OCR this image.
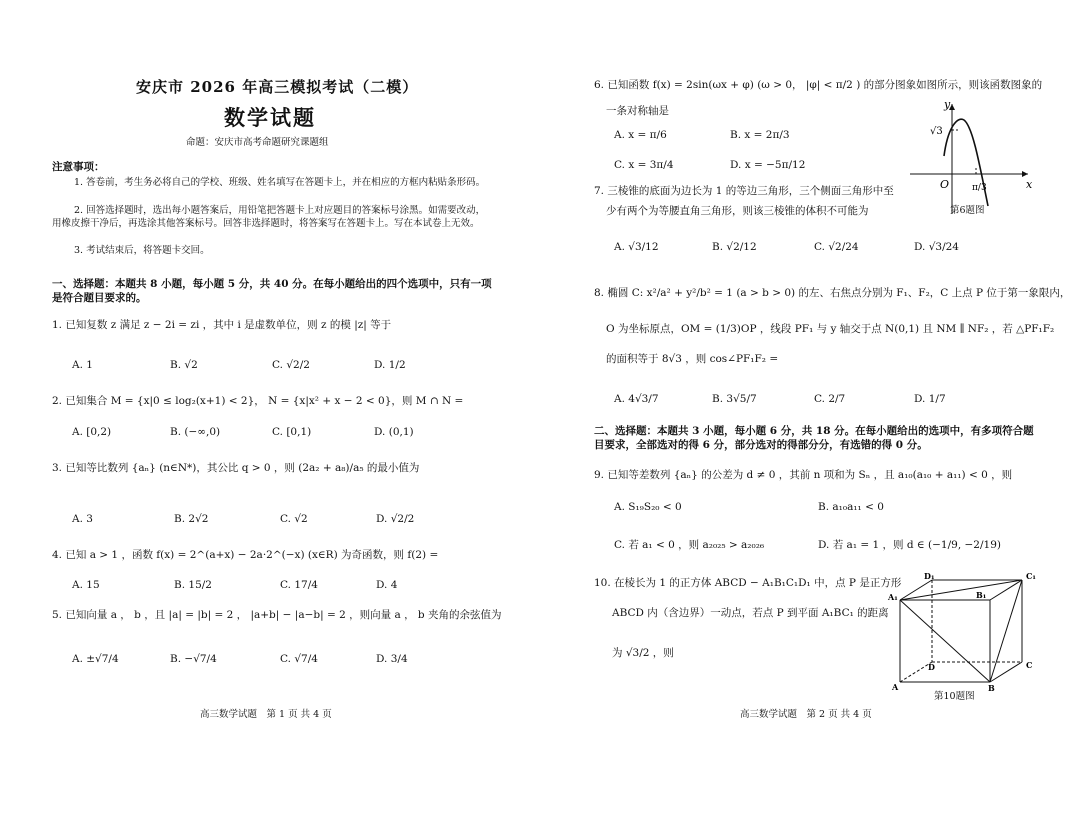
安庆市 2026 年高三模拟考试（二模）
数学试题
命题：安庆市高考命题研究课题组
注意事项：
1. 答卷前，考生务必将自己的学校、班级、姓名填写在答题卡上，并在相应的方框内粘贴条形码。
2. 回答选择题时，选出每小题答案后，用铅笔把答题卡上对应题目的答案标号涂黑。如需要改动，用橡皮擦干净后，再选涂其他答案标号。回答非选择题时，将答案写在答题卡上。写在本试卷上无效。
3. 考试结束后，将答题卡交回。
一、选择题：本题共 8 小题，每小题 5 分，共 40 分。在每小题给出的四个选项中，只有一项是符合题目要求的。
1. 已知复数 z 满足 z − 2i = zi ，其中 i 是虚数单位，则 z 的模 |z| 等于
A. 1	B. √2	C. √2/2	D. 1/2
2. 已知集合 M = {x|0 ≤ log₂(x+1) < 2}， N = {x|x² + x − 2 < 0}，则 M ∩ N =
A. [0,2)	B. (−∞,0)	C. [0,1)	D. (0,1)
3. 已知等比数列 {aₙ} (n∈N*)，其公比 q > 0 ，则 (2a₂ + a₈)/a₅ 的最小值为
A. 3	B. 2√2	C. √2	D. √2/2
4. 已知 a > 1 ，函数 f(x) = 2^(a+x) − 2a·2^(−x) (x∈R) 为奇函数，则 f(2) =
A. 15	B. 15/2	C. 17/4	D. 4
5. 已知向量 a ， b ，且 |a| = |b| = 2 ， |a+b| − |a−b| = 2 ，则向量 a ， b 夹角的余弦值为
A. ±√7/4	B. −√7/4	C. √7/4	D. 3/4
高三数学试题　第 1 页 共 4 页
6. 已知函数 f(x) = 2sin(ωx + φ) (ω > 0， |φ| < π/2 ) 的部分图象如图所示，则该函数图象的
一条对称轴是
A. x = π/6	B. x = 2π/3
C. x = 3π/4	D. x = −5π/12
y
x
O
√3
π/3
第6题图
7. 三棱锥的底面为边长为 1 的等边三角形，三个侧面三角形中至
少有两个为等腰直角三角形，则该三棱锥的体积不可能为
A. √3/12	B. √2/12	C. √2/24	D. √3/24
8. 椭圆 C: x²/a² + y²/b² = 1 (a > b > 0) 的左、右焦点分别为 F₁、F₂，C 上点 P 位于第一象限内，
O 为坐标原点，OM = (1/3)OP ，线段 PF₁ 与 y 轴交于点 N(0,1) 且 NM ∥ NF₂ ，若 △PF₁F₂
的面积等于 8√3 ，则 cos∠PF₁F₂ =
A. 4√3/7	B. 3√5/7	C. 2/7	D. 1/7
二、选择题：本题共 3 小题，每小题 6 分，共 18 分。在每小题给出的选项中，有多项符合题目要求，全部选对的得 6 分，部分选对的得部分分，有选错的得 0 分。
9. 已知等差数列 {aₙ} 的公差为 d ≠ 0 ，其前 n 项和为 Sₙ ，且 a₁₀(a₁₀ + a₁₁) < 0 ，则
A. S₁₉S₂₀ < 0	B. a₁₀a₁₁ < 0
C. 若 a₁ < 0 ，则 a₂₀₂₅ > a₂₀₂₆	D. 若 a₁ = 1 ，则 d ∈ (−1/9, −2/19)
10. 在棱长为 1 的正方体 ABCD − A₁B₁C₁D₁ 中，点 P 是正方形
ABCD 内（含边界）一动点，若点 P 到平面 A₁BC₁ 的距离
为 √3/2 ，则
D₁	C₁
A₁	B₁
D	C
A	B
第10题图
高三数学试题　第 2 页 共 4 页
